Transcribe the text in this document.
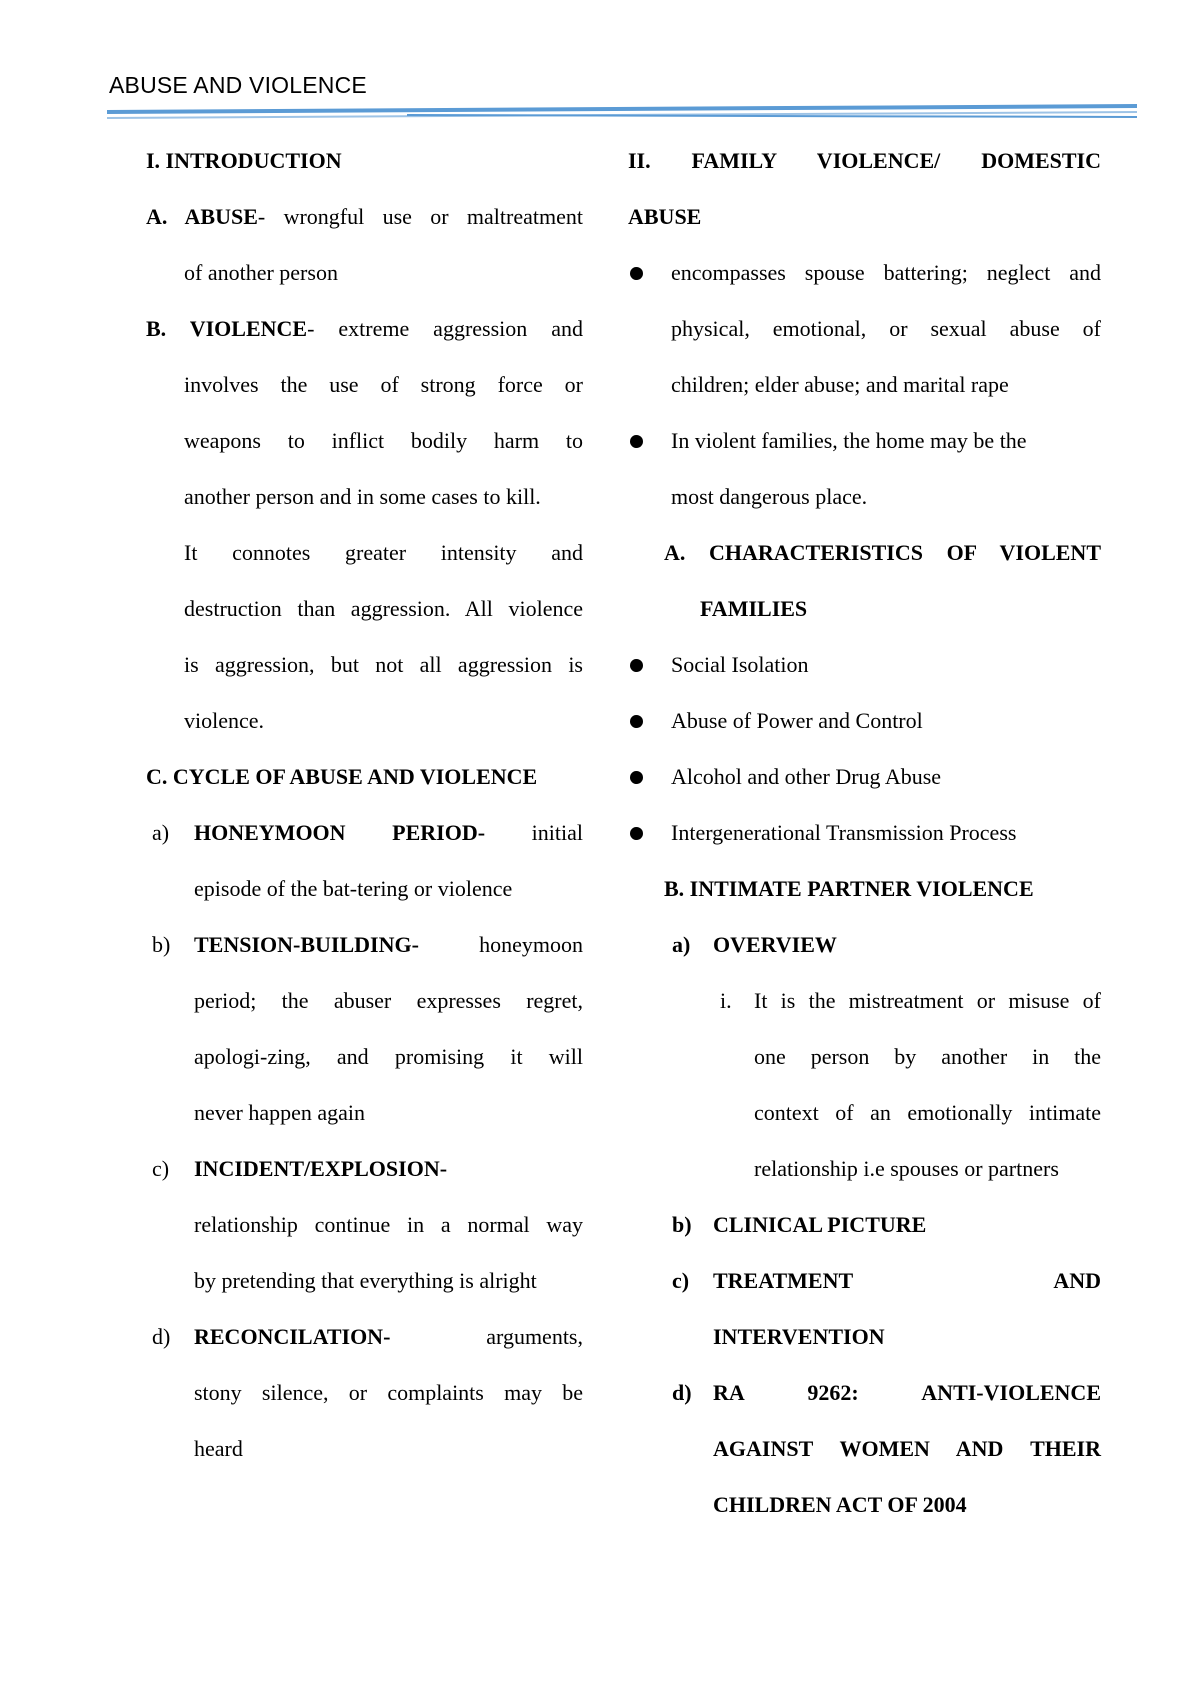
ABUSE AND VIOLENCE
I. INTRODUCTION
A. ABUSE- wrongful use or maltreatment
of another person
B. VIOLENCE- extreme aggression and
involves the use of strong force or
weapons to inflict bodily harm to
another person and in some cases to kill.
It connotes greater intensity and
destruction than aggression. All violence
is aggression, but not all aggression is
violence.
C. CYCLE OF ABUSE AND VIOLENCE
a) HONEYMOON PERIOD- initial
episode of the bat-tering or violence
b) TENSION-BUILDING-	honeymoon
period; the abuser expresses regret,
apologi-zing, and promising it will
never happen again
c) INCIDENT/EXPLOSION-
relationship continue in a normal way
by pretending that everything is alright
d) RECONCILATION-	arguments,
stony silence, or complaints may be
heard
II. FAMILY VIOLENCE/ DOMESTIC
ABUSE
encompasses spouse battering; neglect and
physical, emotional, or sexual abuse of
children; elder abuse; and marital rape
In violent families, the home may be the
most dangerous place.
A. CHARACTERISTICS OF VIOLENT
FAMILIES
Social Isolation
Abuse of Power and Control
Alcohol and other Drug Abuse
Intergenerational Transmission Process
B. INTIMATE PARTNER VIOLENCE
a) OVERVIEW
i. It is the mistreatment or misuse of
one person by another in the
context of an emotionally intimate
relationship i.e spouses or partners
b) CLINICAL PICTURE
c) TREATMENT AND
INTERVENTION
d) RA 9262: ANTI-VIOLENCE
AGAINST WOMEN AND THEIR
CHILDREN ACT OF 2004
